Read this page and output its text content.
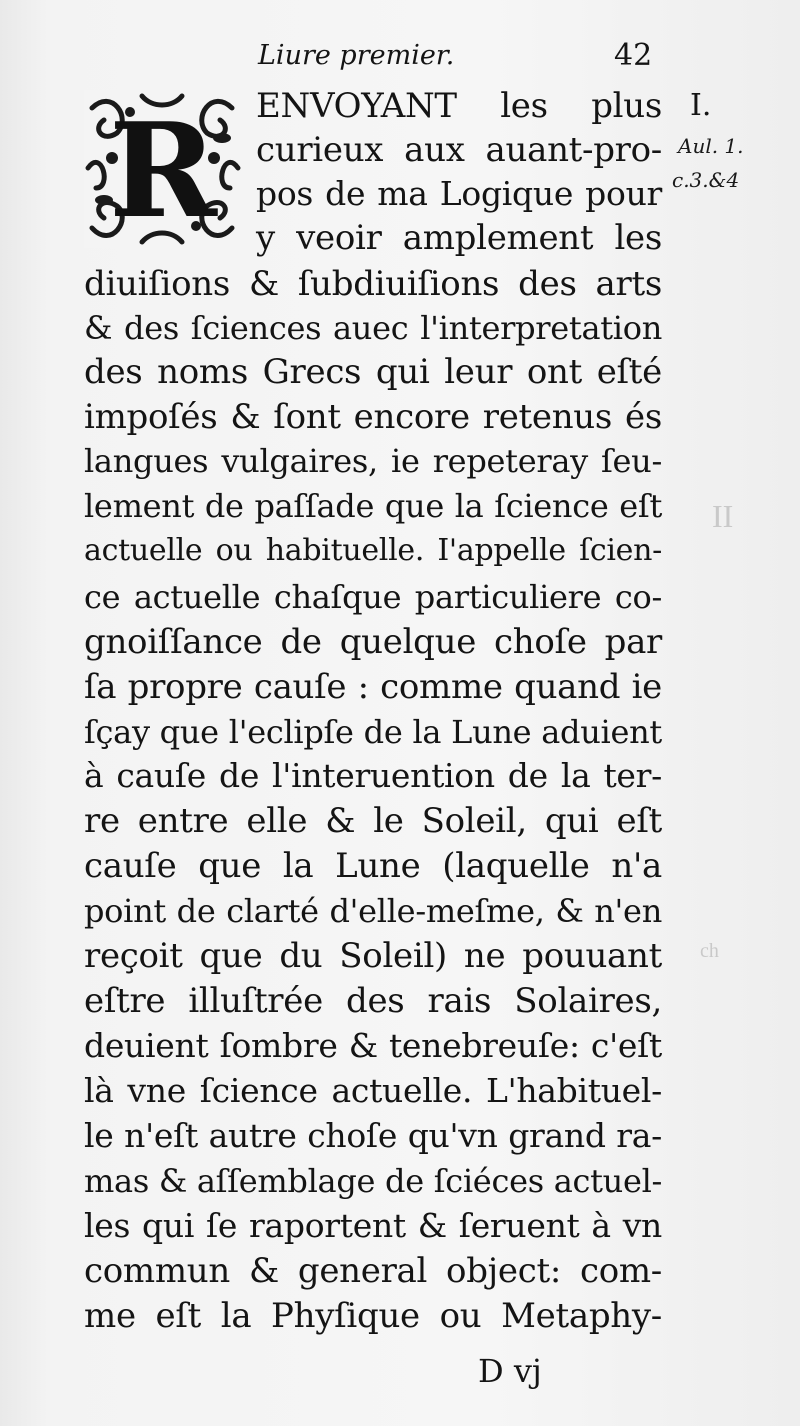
II
ch
Liure premier.	42
I.
Aul. 1.
c.3.&4
R ENVOYANT les plus
curieux aux auant-pro-
pos de ma Logique pour
y veoir amplement les
diuiſions & ſubdiuiſions des arts
& des ſciences auec l'interpretation
des noms Grecs qui leur ont eſté
impoſés & ſont encore retenus és
langues vulgaires, ie repeteray ſeu-
lement de paſſade que la ſcience eſt
actuelle ou habituelle. I'appelle ſcien-
ce actuelle chaſque particuliere co-
gnoiſſance de quelque choſe par
ſa propre cauſe : comme quand ie
ſçay que l'eclipſe de la Lune aduient
à cauſe de l'interuention de la ter-
re entre elle & le Soleil, qui eſt
cauſe que la Lune (laquelle n'a
point de clarté d'elle-meſme, & n'en
reçoit que du Soleil) ne pouuant
eſtre illuſtrée des rais Solaires,
deuient ſombre & tenebreuſe: c'eſt
là vne ſcience actuelle. L'habituel-
le n'eſt autre choſe qu'vn grand ra-
mas & aſſemblage de ſciéces actuel-
les qui ſe raportent & ſeruent à vn
commun & general object: com-
me eſt la Phyſique ou Metaphy-
D vj
